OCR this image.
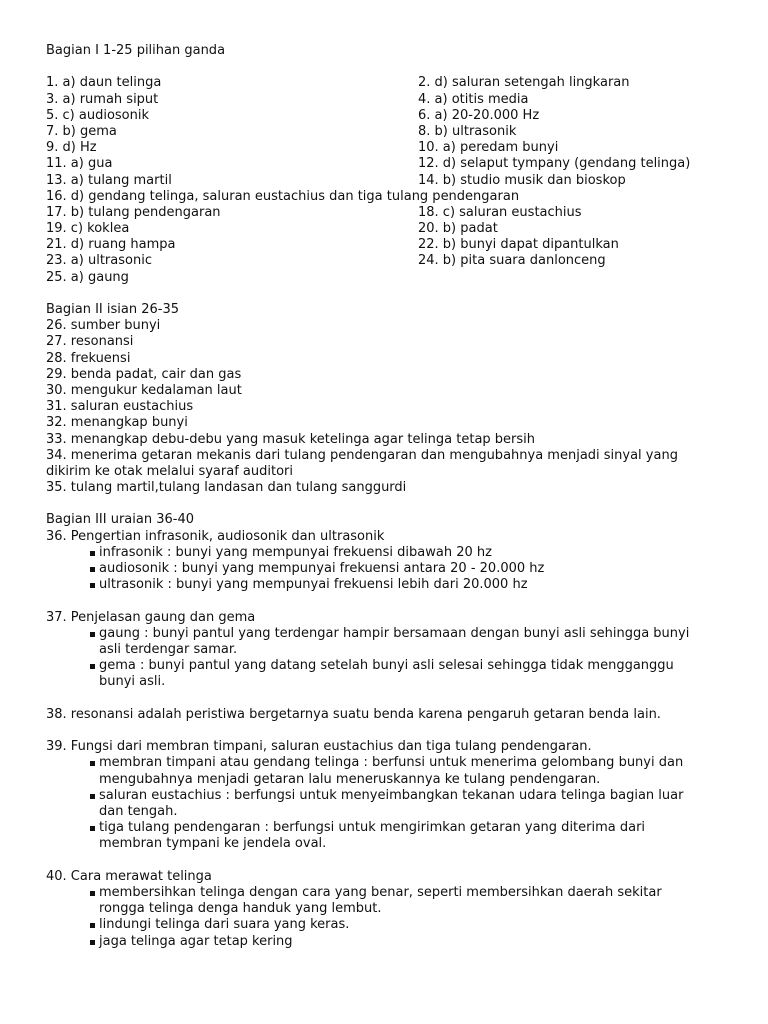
Bagian I 1-25 pilihan ganda
1. a) daun telinga	2. d) saluran setengah lingkaran
3. a) rumah siput	4. a) otitis media
5. c) audiosonik	6. a) 20-20.000 Hz
7. b) gema	8. b) ultrasonik
9. d) Hz	10. a) peredam bunyi
11. a) gua	12. d) selaput tympany (gendang telinga)
13. a) tulang martil	14. b) studio musik dan bioskop
16. d) gendang telinga, saluran eustachius dan tiga tulang pendengaran
17. b) tulang pendengaran	18. c) saluran eustachius
19. c) koklea	20. b) padat
21. d) ruang hampa	22. b) bunyi dapat dipantulkan
23. a) ultrasonic	24. b) pita suara danlonceng
25. a) gaung
Bagian II isian 26-35
26. sumber bunyi
27. resonansi
28. frekuensi
29. benda padat, cair dan gas
30. mengukur kedalaman laut
31. saluran eustachius
32. menangkap bunyi
33. menangkap debu-debu yang masuk ketelinga agar telinga tetap bersih
34. menerima getaran mekanis dari tulang pendengaran dan mengubahnya menjadi sinyal yang dikirim ke otak melalui syaraf auditori
35. tulang martil,tulang landasan dan tulang sanggurdi
Bagian III uraian 36-40
36. Pengertian infrasonik, audiosonik dan ultrasonik
infrasonik : bunyi yang mempunyai frekuensi dibawah 20 hz
audiosonik : bunyi yang mempunyai frekuensi antara 20 - 20.000 hz
ultrasonik : bunyi yang mempunyai frekuensi lebih dari 20.000 hz
37. Penjelasan gaung dan gema
gaung : bunyi pantul yang terdengar hampir bersamaan dengan bunyi asli sehingga bunyi asli terdengar samar.
gema : bunyi pantul yang datang setelah bunyi asli selesai sehingga tidak mengganggu bunyi asli.
38. resonansi adalah peristiwa bergetarnya suatu benda karena pengaruh getaran benda lain.
39. Fungsi dari membran timpani, saluran eustachius dan tiga tulang pendengaran.
membran timpani atau gendang telinga : berfunsi untuk menerima gelombang bunyi dan mengubahnya menjadi getaran lalu meneruskannya ke tulang pendengaran.
saluran eustachius : berfungsi untuk menyeimbangkan tekanan udara telinga bagian luar dan tengah.
tiga tulang pendengaran : berfungsi untuk mengirimkan getaran yang diterima dari membran tympani ke jendela oval.
40. Cara merawat telinga
membersihkan telinga dengan cara yang benar, seperti membersihkan daerah sekitar rongga telinga denga handuk yang lembut.
lindungi telinga dari suara yang keras.
jaga telinga agar tetap kering
